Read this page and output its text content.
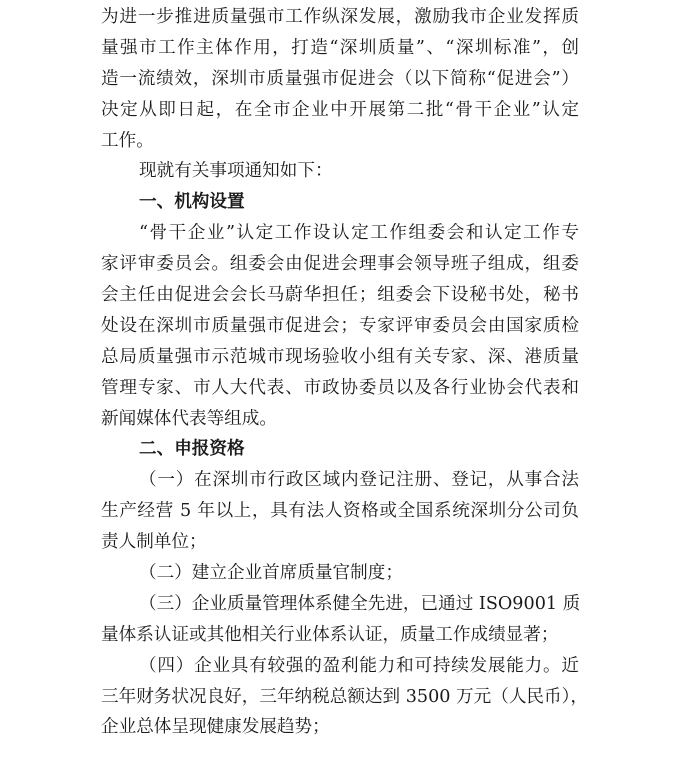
为进一步推进质量强市工作纵深发展，激励我市企业发挥质
量强市工作主体作用，打造“深圳质量”、“深圳标准”，创
造一流绩效，深圳市质量强市促进会（以下简称“促进会”）
决定从即日起，在全市企业中开展第二批“骨干企业”认定
工作。
现就有关事项通知如下：
一、机构设置
“骨干企业”认定工作设认定工作组委会和认定工作专
家评审委员会。组委会由促进会理事会领导班子组成，组委
会主任由促进会会长马蔚华担任；组委会下设秘书处，秘书
处设在深圳市质量强市促进会；专家评审委员会由国家质检
总局质量强市示范城市现场验收小组有关专家、深、港质量
管理专家、市人大代表、市政协委员以及各行业协会代表和
新闻媒体代表等组成。
二、申报资格
（一）在深圳市行政区域内登记注册、登记，从事合法
生产经营 5 年以上，具有法人资格或全国系统深圳分公司负
责人制单位；
（二）建立企业首席质量官制度；
（三）企业质量管理体系健全先进，已通过 ISO9001 质
量体系认证或其他相关行业体系认证，质量工作成绩显著；
（四）企业具有较强的盈利能力和可持续发展能力。近
三年财务状况良好，三年纳税总额达到 3500 万元（人民币），
企业总体呈现健康发展趋势；
